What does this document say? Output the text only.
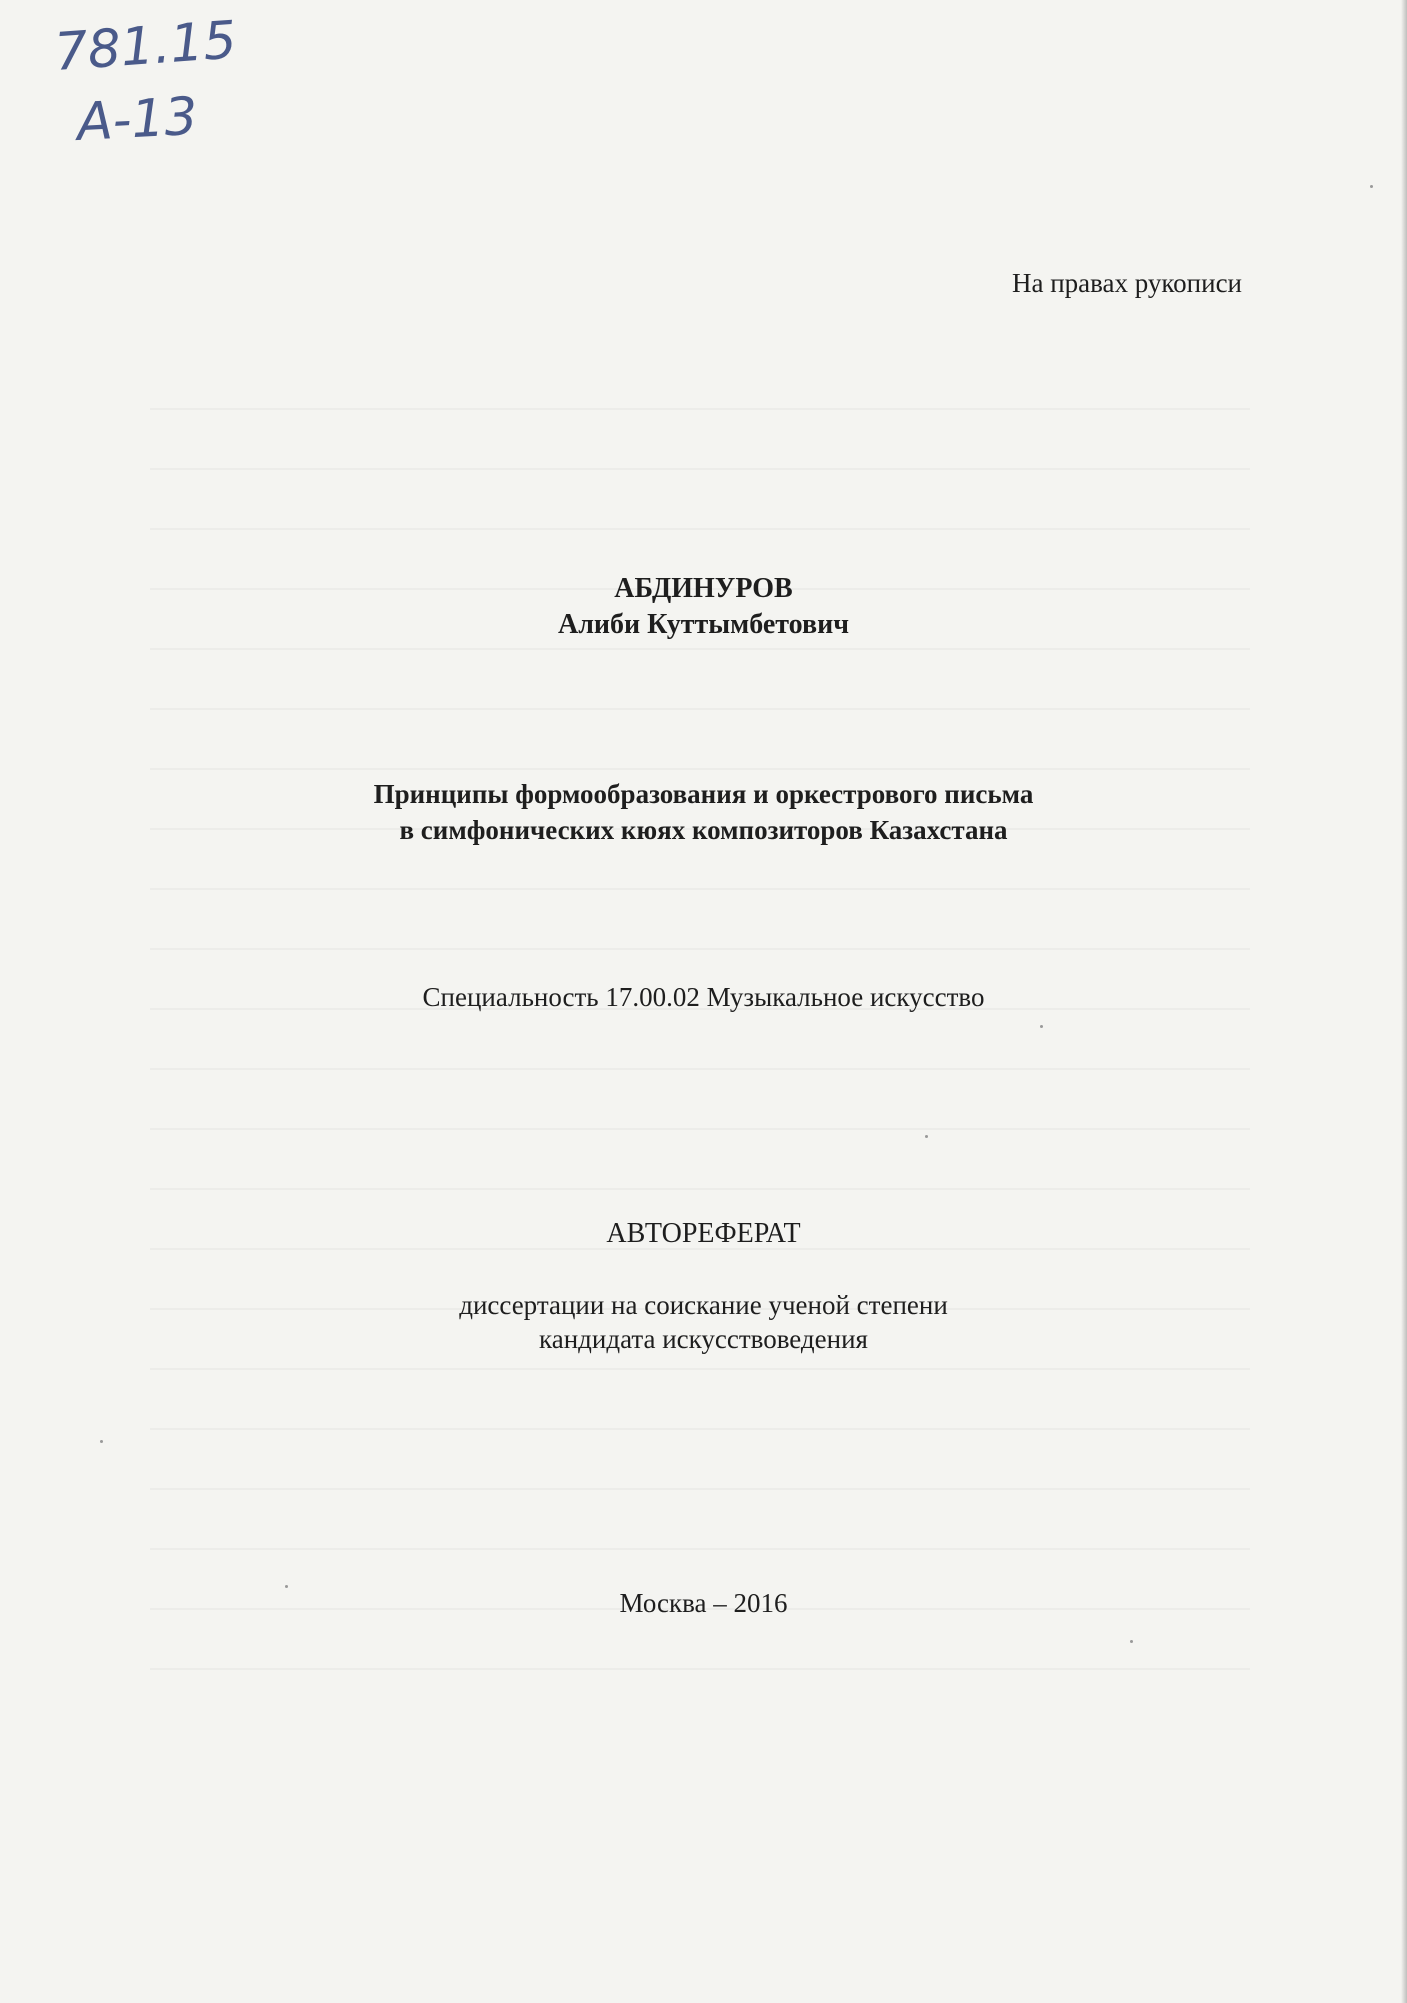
781.15
A-13
На правах рукописи
АБДИНУРОВ
Алиби Куттымбетович
Принципы формообразования и оркестрового письма
в симфонических кюях композиторов Казахстана
Специальность 17.00.02 Музыкальное искусство
АВТОРЕФЕРАТ
диссертации на соискание ученой степени
кандидата искусствоведения
Москва – 2016
